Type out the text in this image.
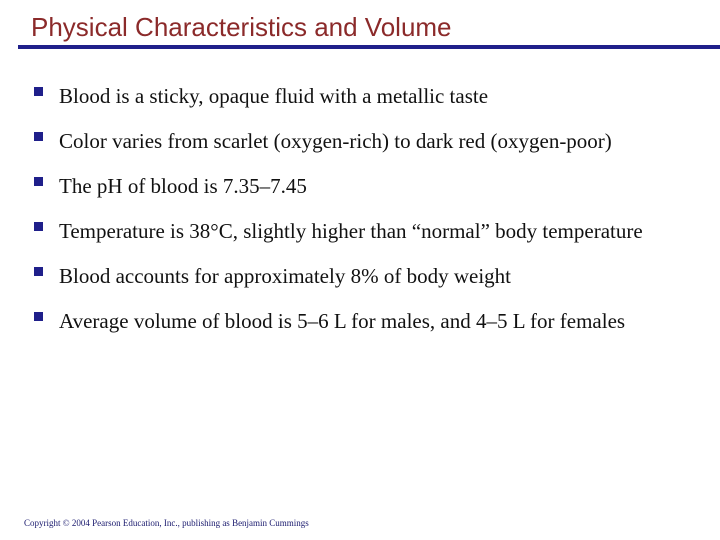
Physical Characteristics and Volume
Blood is a sticky, opaque fluid with a metallic taste
Color varies from scarlet (oxygen-rich) to dark red (oxygen-poor)
The pH of blood is 7.35–7.45
Temperature is 38°C, slightly higher than “normal” body temperature
Blood accounts for approximately 8% of body weight
Average volume of blood is 5–6 L for males, and 4–5 L for females
Copyright © 2004 Pearson Education, Inc., publishing as Benjamin Cummings
